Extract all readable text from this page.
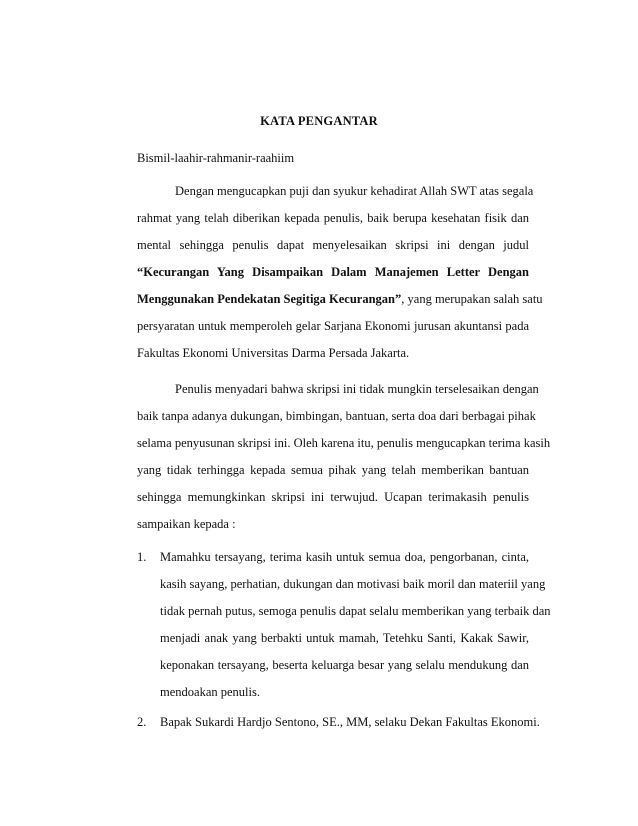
KATA PENGANTAR
Bismil-laahir-rahmanir-raahiim
Dengan mengucapkan puji dan syukur kehadirat Allah SWT atas segala
rahmat yang telah diberikan kepada penulis, baik berupa kesehatan fisik dan
mental sehingga penulis dapat menyelesaikan skripsi ini dengan judul
“Kecurangan Yang Disampaikan Dalam Manajemen Letter Dengan
Menggunakan Pendekatan Segitiga Kecurangan”, yang merupakan salah satu
persyaratan untuk memperoleh gelar Sarjana Ekonomi jurusan akuntansi pada
Fakultas Ekonomi Universitas Darma Persada Jakarta.
Penulis menyadari bahwa skripsi ini tidak mungkin terselesaikan dengan
baik tanpa adanya dukungan, bimbingan, bantuan, serta doa dari berbagai pihak
selama penyusunan skripsi ini. Oleh karena itu, penulis mengucapkan terima kasih
yang tidak terhingga kepada semua pihak yang telah memberikan bantuan
sehingga memungkinkan skripsi ini terwujud. Ucapan terimakasih penulis
sampaikan kepada :
1. Mamahku tersayang, terima kasih untuk semua doa, pengorbanan, cinta,
kasih sayang, perhatian, dukungan dan motivasi baik moril dan materiil yang
tidak pernah putus, semoga penulis dapat selalu memberikan yang terbaik dan
menjadi anak yang berbakti untuk mamah, Tetehku Santi, Kakak Sawir,
keponakan tersayang, beserta keluarga besar yang selalu mendukung dan
mendoakan penulis.
2. Bapak Sukardi Hardjo Sentono, SE., MM, selaku Dekan Fakultas Ekonomi.
